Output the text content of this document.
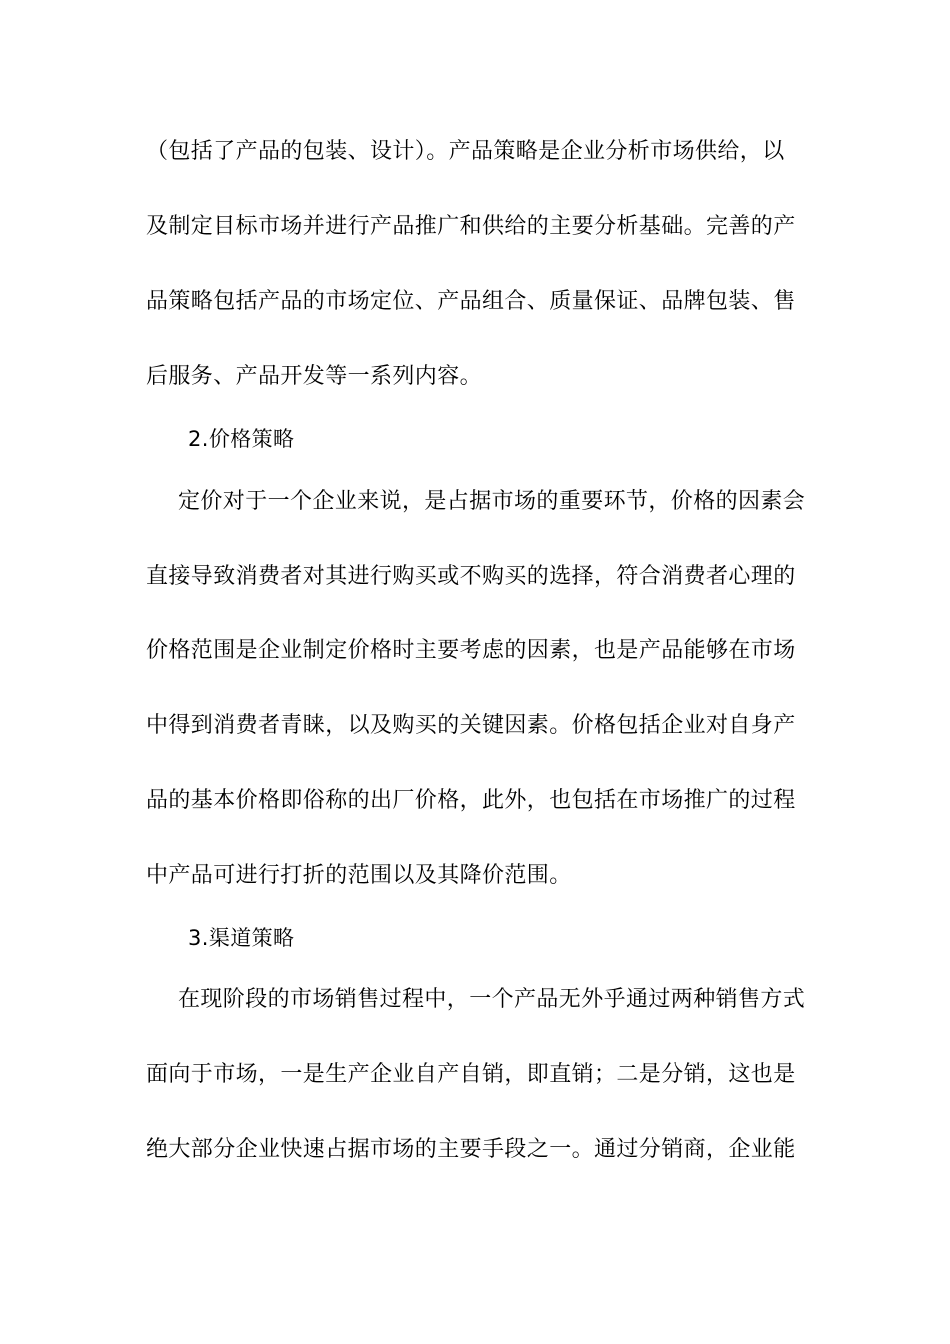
（包括了产品的包装、设计）。产品策略是企业分析市场供给，以
及制定目标市场并进行产品推广和供给的主要分析基础。完善的产
品策略包括产品的市场定位、产品组合、质量保证、品牌包装、售
后服务、产品开发等一系列内容。
2.价格策略
定价对于一个企业来说，是占据市场的重要环节，价格的因素会
直接导致消费者对其进行购买或不购买的选择，符合消费者心理的
价格范围是企业制定价格时主要考虑的因素，也是产品能够在市场
中得到消费者青睐，以及购买的关键因素。价格包括企业对自身产
品的基本价格即俗称的出厂价格，此外，也包括在市场推广的过程
中产品可进行打折的范围以及其降价范围。
3.渠道策略
在现阶段的市场销售过程中，一个产品无外乎通过两种销售方式
面向于市场，一是生产企业自产自销，即直销；二是分销，这也是
绝大部分企业快速占据市场的主要手段之一。通过分销商，企业能
